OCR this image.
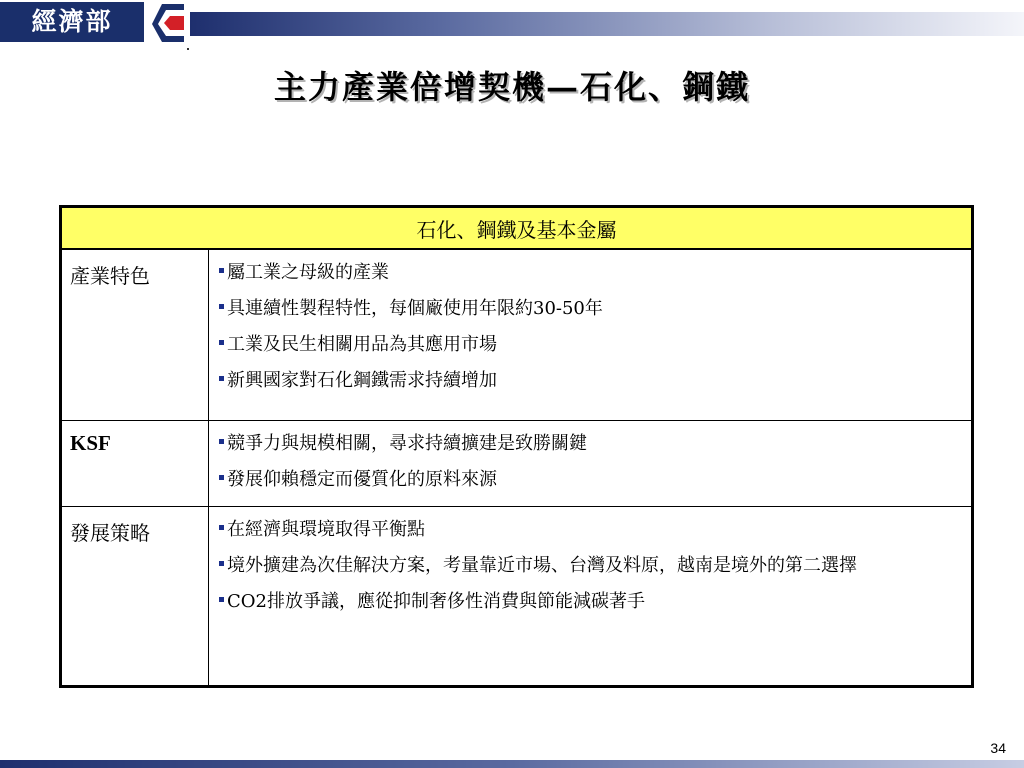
經濟部
主力產業倍增契機—石化、鋼鐵
石化、鋼鐵及基本金屬	
產業特色	屬工業之母級的產業
具連續性製程特性，每個廠使用年限約30-50年
工業及民生相關用品為其應用市場
新興國家對石化鋼鐵需求持續增加

KSF	競爭力與規模相關，尋求持續擴建是致勝關鍵
發展仰賴穩定而優質化的原料來源

發展策略	在經濟與環境取得平衡點
境外擴建為次佳解決方案，考量靠近市場、台灣及料原，越南是境外的第二選擇
CO2排放爭議，應從抑制奢侈性消費與節能減碳著手
34
